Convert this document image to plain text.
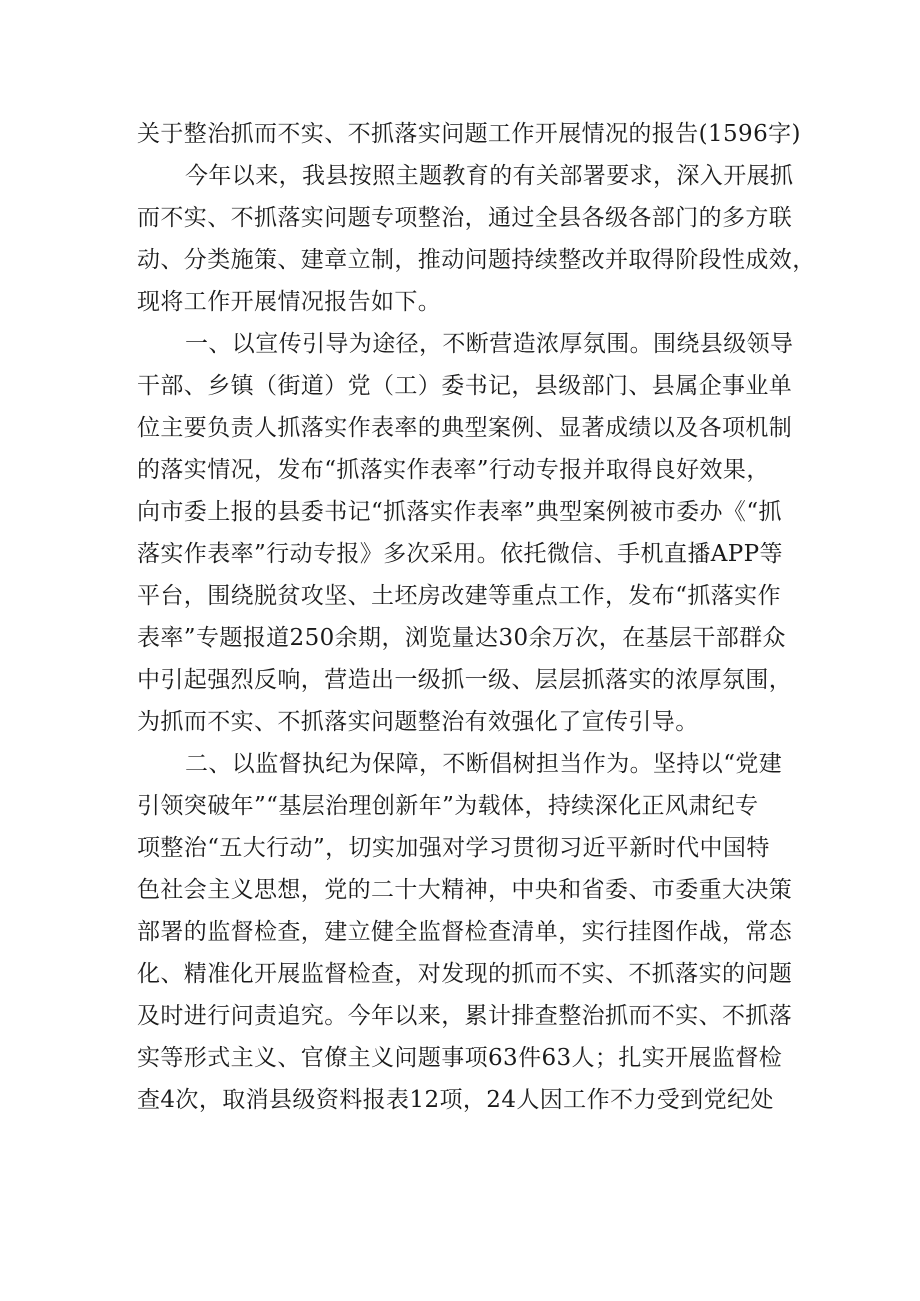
关于整治抓而不实、不抓落实问题工作开展情况的报告(1596字)
今年以来，我县按照主题教育的有关部署要求，深入开展抓
而不实、不抓落实问题专项整治，通过全县各级各部门的多方联
动、分类施策、建章立制，推动问题持续整改并取得阶段性成效，
现将工作开展情况报告如下。
一、以宣传引导为途径，不断营造浓厚氛围。围绕县级领导
干部、乡镇（街道）党（工）委书记，县级部门、县属企事业单
位主要负责人抓落实作表率的典型案例、显著成绩以及各项机制
的落实情况，发布“抓落实作表率”行动专报并取得良好效果，
向市委上报的县委书记“抓落实作表率”典型案例被市委办《“抓
落实作表率”行动专报》多次采用。依托微信、手机直播APP等
平台，围绕脱贫攻坚、土坯房改建等重点工作，发布“抓落实作
表率”专题报道250余期，浏览量达30余万次，在基层干部群众
中引起强烈反响，营造出一级抓一级、层层抓落实的浓厚氛围，
为抓而不实、不抓落实问题整治有效强化了宣传引导。
二、以监督执纪为保障，不断倡树担当作为。坚持以“党建
引领突破年”“基层治理创新年”为载体，持续深化正风肃纪专
项整治“五大行动”，切实加强对学习贯彻习近平新时代中国特
色社会主义思想，党的二十大精神，中央和省委、市委重大决策
部署的监督检查，建立健全监督检查清单，实行挂图作战，常态
化、精准化开展监督检查，对发现的抓而不实、不抓落实的问题
及时进行问责追究。今年以来，累计排查整治抓而不实、不抓落
实等形式主义、官僚主义问题事项63件63人；扎实开展监督检
查4次，取消县级资料报表12项，24人因工作不力受到党纪处
